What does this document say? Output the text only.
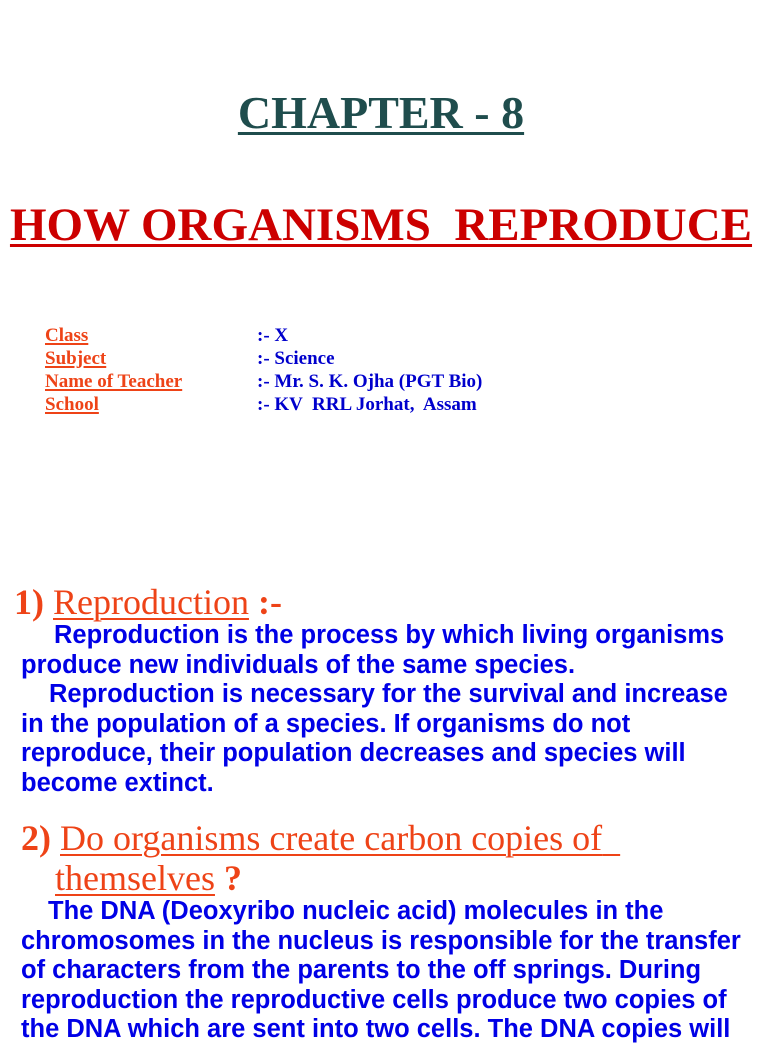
CHAPTER - 8
HOW ORGANISMS  REPRODUCE
Class	:- X
Subject	:- Science
Name of Teacher	:- Mr. S. K. Ojha (PGT Bio)
School	:- KV  RRL Jorhat,  Assam
1) Reproduction :-
Reproduction is the process by which living organisms
produce new individuals of the same species.
Reproduction is necessary for the survival and increase
in the population of a species. If organisms do not
reproduce, their population decreases and species will
become extinct.
2) Do organisms create carbon copies of
themselves ?
The DNA (Deoxyribo nucleic acid) molecules in the
chromosomes in the nucleus is responsible for the transfer
of characters from the parents to the off springs. During
reproduction the reproductive cells produce two copies of
the DNA which are sent into two cells. The DNA copies will
